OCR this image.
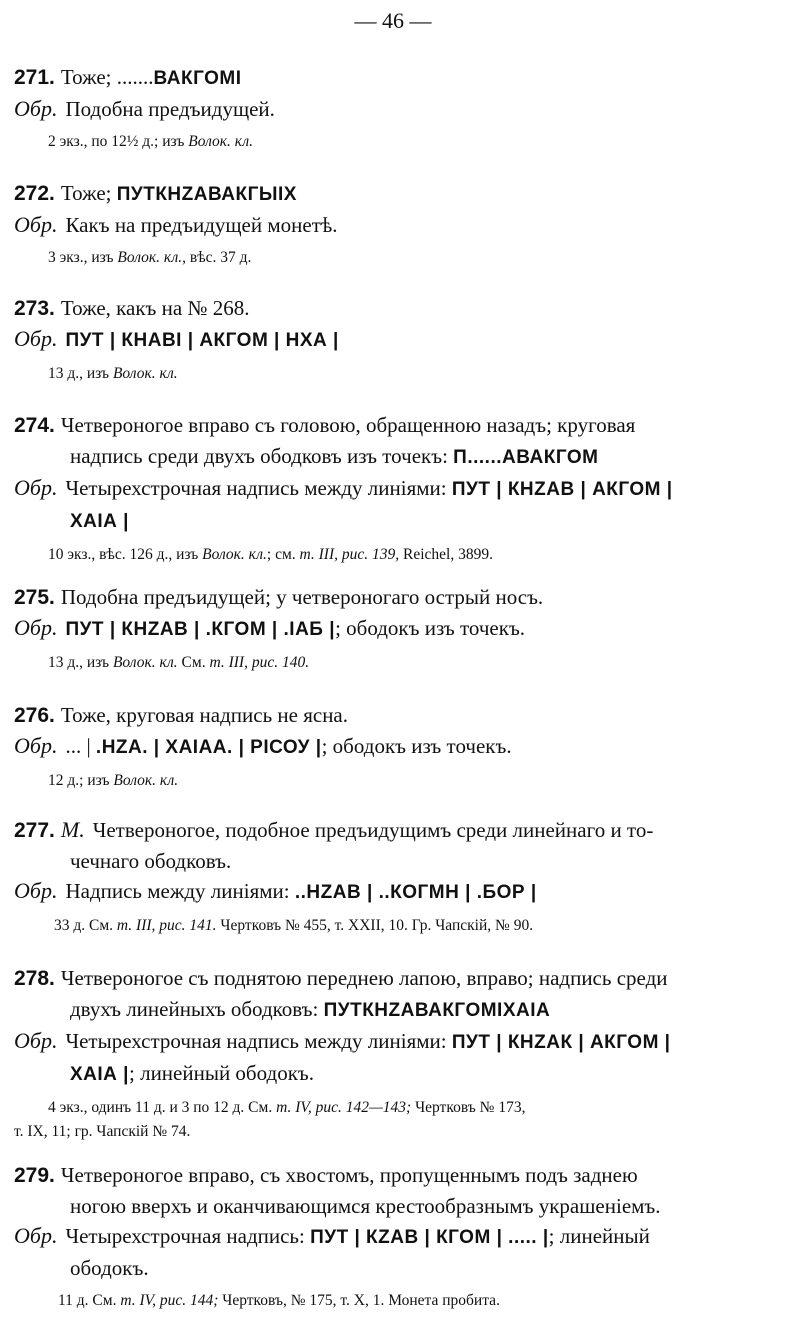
— 46 —
271. Тоже; .......ВАКГОМІ
Обр. Подобна предъидущей.
2 экз., по 12½ д.; изъ Волок. кл.
272. Тоже; ПУТКНZАВАКГЫІХ
Обр. Какъ на предъидущей монетѣ.
3 экз., изъ Волок. кл., вѣс. 37 д.
273. Тоже, какъ на № 268.
Обр. ПУТ | КНАВІ | АКГОМ | НХА |
13 д., изъ Волок. кл.
274. Четвероногое вправо съ головою, обращенною назадъ; круговая
надпись среди двухъ ободковъ изъ точекъ: П......АВАКГОМ
Обр. Четырехстрочная надпись между линіями: ПУТ | КНZАВ | АКГОМ |
ХАІА |
10 экз., вѣс. 126 д., изъ Волок. кл.; см. т. III, рис. 139, Reichel, 3899.
275. Подобна предъидущей; у четвероногаго острый носъ.
Обр. ПУТ | КНZАВ | .КГОМ | .ІАБ |; ободокъ изъ точекъ.
13 д., изъ Волок. кл. См. т. III, рис. 140.
276. Тоже, круговая надпись не ясна.
Обр. ... | .НZА. | ХАІАА. | РІСОУ |; ободокъ изъ точекъ.
12 д.; изъ Волок. кл.
277. М. Четвероногое, подобное предъидущимъ среди линейнаго и то-
чечнаго ободковъ.
Обр. Надпись между линіями: ..НZАВ | ..КОГМН | .БОР |
33 д. См. т. III, рис. 141. Чертковъ № 455, т. XXII, 10. Гр. Чапскій, № 90.
278. Четвероногое съ поднятою переднею лапою, вправо; надпись среди
двухъ линейныхъ ободковъ: ПУТКНZАВАКГОМІХАІА
Обр. Четырехстрочная надпись между линіями: ПУТ | КНZАК | АКГОМ |
ХАІА |; линейный ободокъ.
4 экз., одинъ 11 д. и 3 по 12 д. См. т. IV, рис. 142—143; Чертковъ № 173,
т. IX, 11; гр. Чапскій № 74.
279. Четвероногое вправо, съ хвостомъ, пропущеннымъ подъ заднею
ногою вверхъ и оканчивающимся крестообразнымъ украшеніемъ.
Обр. Четырехстрочная надпись: ПУТ | КZАВ | КГОМ | ..... |; линейный
ободокъ.
11 д. См. т. IV, рис. 144; Чертковъ, № 175, т. X, 1. Монета пробита.
